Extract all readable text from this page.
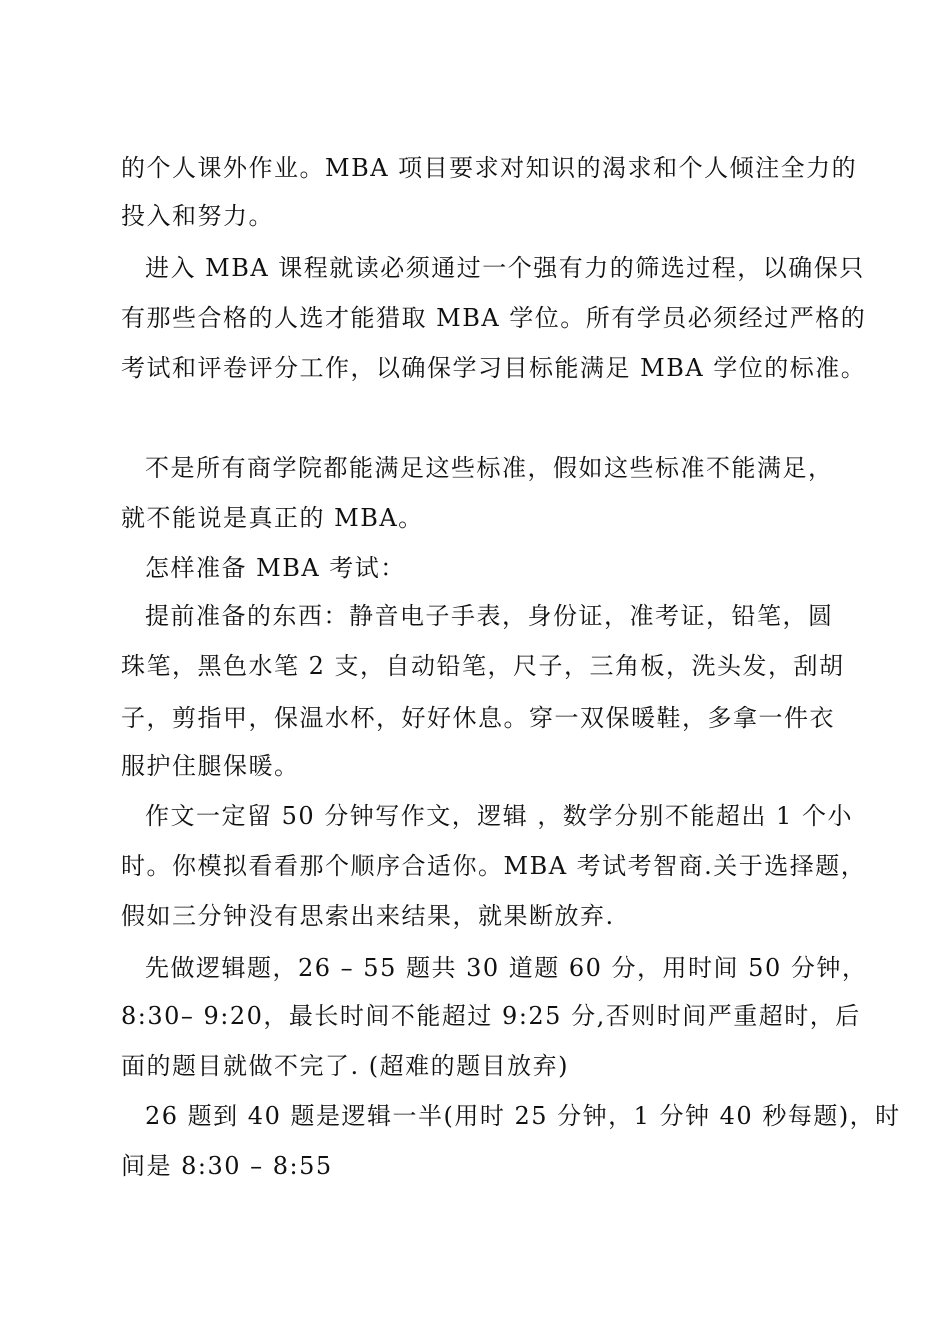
的个人课外作业。MBA 项目要求对知识的渴求和个人倾注全力的
投入和努力。
进入 MBA 课程就读必须通过一个强有力的筛选过程，以确保只
有那些合格的人选才能猎取 MBA 学位。所有学员必须经过严格的
考试和评卷评分工作，以确保学习目标能满足 MBA 学位的标准。
不是所有商学院都能满足这些标准，假如这些标准不能满足，
就不能说是真正的 MBA。
怎样准备 MBA 考试：
提前准备的东西：静音电子手表，身份证，准考证，铅笔，圆
珠笔，黑色水笔 2 支，自动铅笔，尺子，三角板，洗头发，刮胡
子，剪指甲，保温水杯，好好休息。穿一双保暖鞋，多拿一件衣
服护住腿保暖。
作文一定留 50 分钟写作文，逻辑 ，数学分别不能超出 1 个小
时。你模拟看看那个顺序合适你。MBA 考试考智商.关于选择题，
假如三分钟没有思索出来结果，就果断放弃.
先做逻辑题，26 – 55 题共 30 道题 60 分，用时间 50 分钟，
8:30– 9:20，最长时间不能超过 9:25 分,否则时间严重超时，后
面的题目就做不完了. (超难的题目放弃)
26 题到 40 题是逻辑一半(用时 25 分钟，1 分钟 40 秒每题)，时
间是 8:30 – 8:55
